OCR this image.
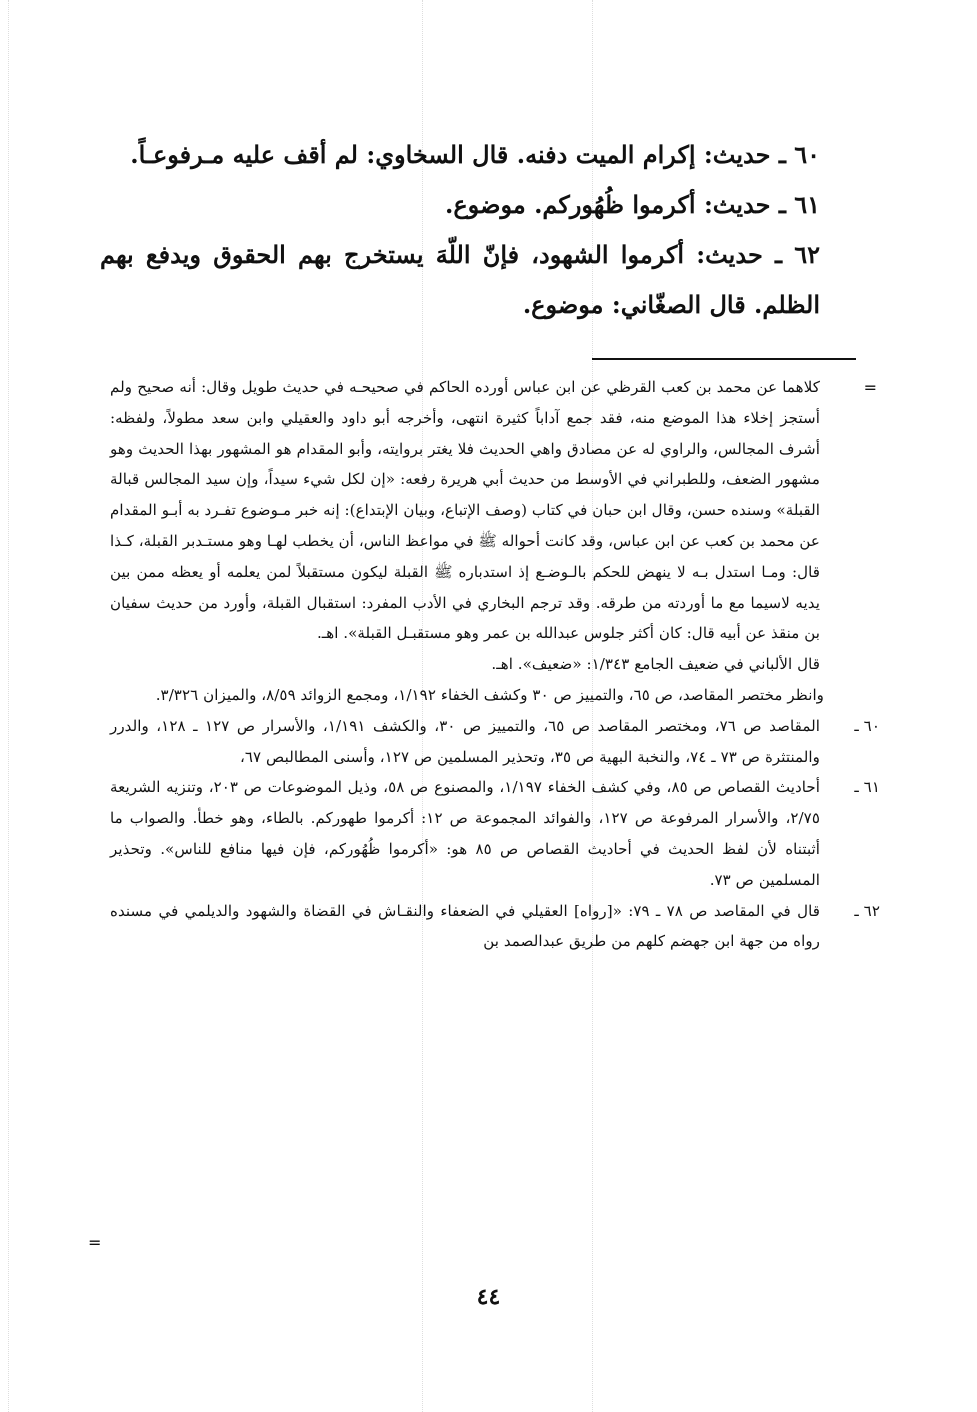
٦٠ ـ حديث: إكرام الميت دفنه. قال السخاوي: لم أقف عليه مـرفوعـاً.

٦١ ـ حديث: أكرموا ظُهُوركم. موضوع.

٦٢ ـ حديث: أكرموا الشهود، فإنّ اللّهَ يستخرج بهم الحقوق ويدفع بهم الظلم. قال الصغّاني: موضوع.

=
=

كلاهما عن محمد بن كعب القرظي عن ابن عباس أورده الحاكم في صحيحـه في حديث طويل وقال: أنه صحيح ولم أستجز إخلاء هذا الموضع منه، فقد جمع آداباً كثيرة انتهى، وأخرجه أبو داود والعقيلي وابن سعد مطولاً، ولفظه: أشرف المجالس، والراوي له عن مصادق واهي الحديث فلا يغتر بروايته، وأبو المقدام هو المشهور بهذا الحديث وهو مشهور الضعف، وللطبراني في الأوسط من حديث أبي هريرة رفعه: «إن لكل شيء سيداً، وإن سيد المجالس قبالة القبلة» وسنده حسن، وقال ابن حبان في كتاب (وصف الإتباع، وبيان الإبتداع): إنه خبر مـوضوع تفـرد به أبـو المقدام عن محمد بن كعب عن ابن عباس، وقد كانت أحواله ﷺ في مواعظ الناس، أن يخطب لهـا وهو مستـدبر القبلة، كـذا قال: ومـا استدل بـه لا ينهض للحكم بالـوضـع إذ استدباره ﷺ القبلة ليكون مستقبلاً لمن يعلمه أو يعظه ممن بين يديه لاسيما مع ما أوردته من طرقه. وقد ترجم البخاري في الأدب المفرد: استقبال القبلة، وأورد من حديث سفيان بن منقذ عن أبيه قال: كان أكثر جلوس عبدالله بن عمر وهو مستقبـل القبلة». اهـ.

قال الألباني في ضعيف الجامع ١/٣٤٣: «ضعيف». اهـ.

وانظر مختصر المقاصد، ص ٦٥، والتمييز ص ٣٠ وكشف الخفاء ١/١٩٢، ومجمع الزوائد ٨/٥٩، والميزان ٣/٣٢٦.

٦٠ ـ

المقاصد ص ٧٦، ومختصر المقاصد ص ٦٥، والتمييز ص ٣٠، والكشف ١/١٩١، والأسرار ص ١٢٧ ـ ١٢٨، والدرر والمنتثرة ص ٧٣ ـ ٧٤، والنخبة البهية ص ٣٥، وتحذير المسلمين ص ١٢٧، وأسنى المطالبص ٦٧،

٦١ ـ

أحاديث القصاص ص ٨٥، وفي كشف الخفاء ١/١٩٧، والمصنوع ص ٥٨، وذيل الموضوعات ص ٢٠٣، وتنزيه الشريعة ٢/٧٥، والأسرار المرفوعة ص ١٢٧، والفوائد المجموعة ص ١٢: أكرموا طهوركم. بالطاء، وهو خطأ. والصواب ما أثبتناه لأن لفظ الحديث في أحاديث القصاص ص ٨٥ هو: «أكرموا ظُهُوركم، فإن فيها منافع للناس». وتحذير المسلمين ص ٧٣.

٦٢ ـ

قال في المقاصد ص ٧٨ ـ ٧٩: «[رواه] العقيلي في الضعفاء والنقـاش في القضاة والشهود والديلمي في مسنده رواه من جهة ابن جهضم كلهم من طريق عبدالصمد بن

٤٤
